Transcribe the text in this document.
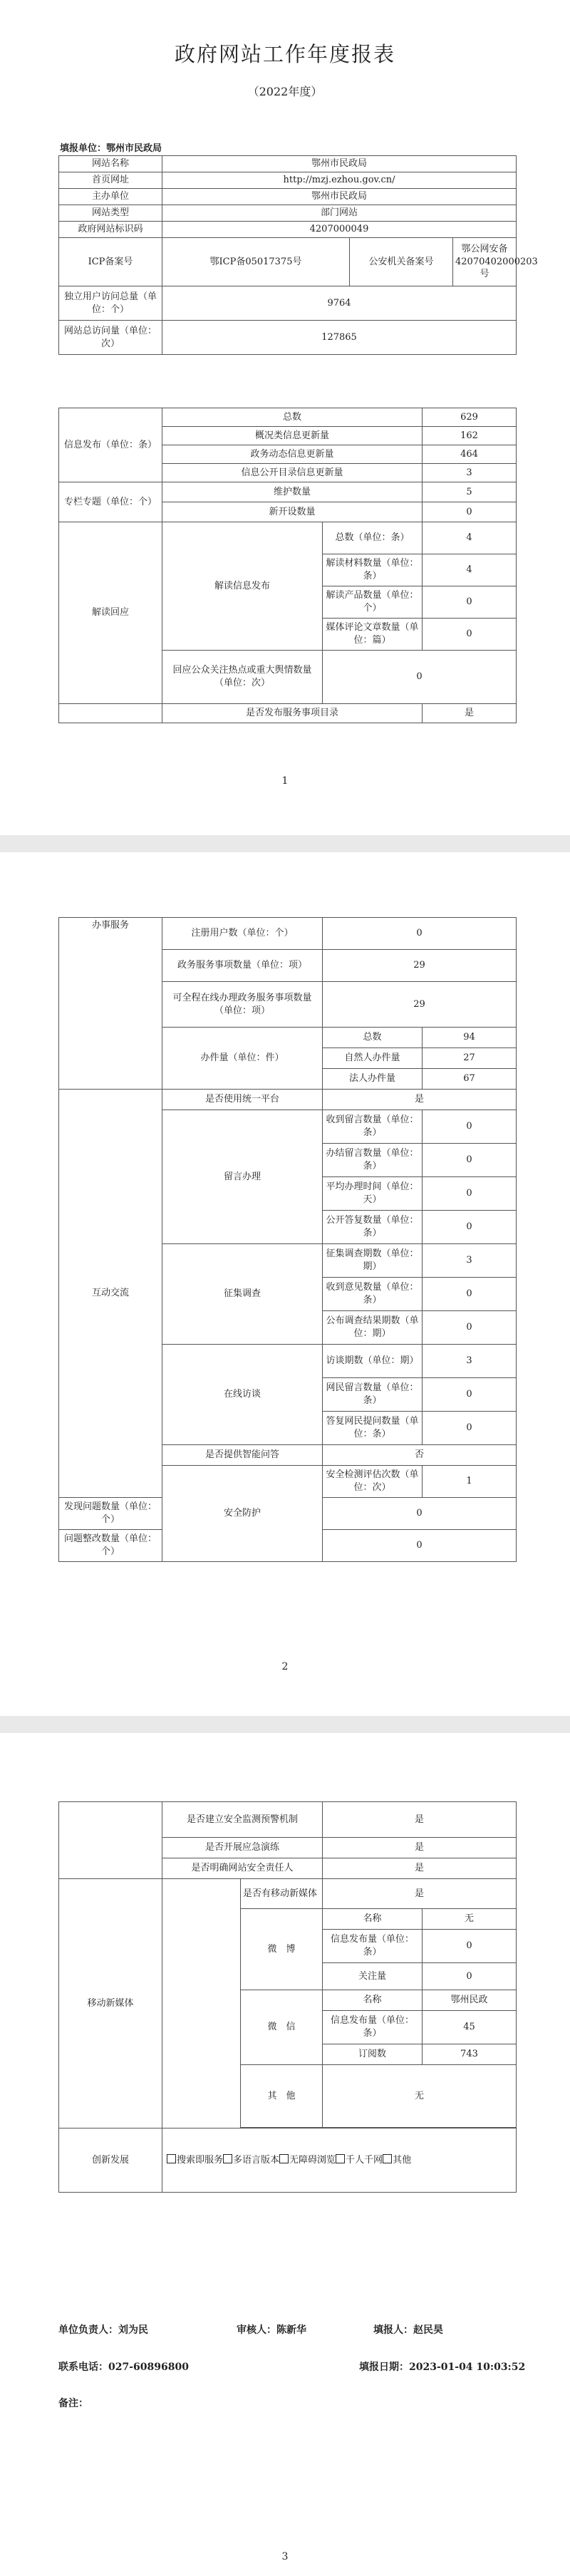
政府网站工作年度报表
（2022年度）
填报单位：鄂州市民政局
网站名称	鄂州市民政局		
首页网址	http://mzj.ezhou.gov.cn/		
主办单位	鄂州市民政局		
网站类型	部门网站		
政府网站标识码	4207000049		
ICP备案号	鄂ICP备05017375号	公安机关备案号	鄂公网安备42070402000203号
独立用户访问总量（单位：个）	9764		
网站总访问量（单位：次）	127865		
信息发布（单位：条）	总数		629
	概况类信息更新量		162
	政务动态信息更新量		464
	信息公开目录信息更新量		3
专栏专题（单位：个）	维护数量		5
	新开设数量		0
解读回应	解读信息发布	总数（单位：条）	4
		解读材料数量（单位：条）	4
		解读产品数量（单位：个）	0
		媒体评论文章数量（单位：篇）	0
	回应公众关注热点或重大舆情数量（单位：次）	0	
	是否发布服务事项目录		是
1
办事服务	注册用户数（单位：个）	0	
	政务服务事项数量（单位：项）	29	
	可全程在线办理政务服务事项数量（单位：项）	29	
	办件量（单位：件）	总数	94
		自然人办件量	27
		法人办件量	67
互动交流	是否使用统一平台	是	
	留言办理	收到留言数量（单位：条）	0
		办结留言数量（单位：条）	0
		平均办理时间（单位：天）	0
		公开答复数量（单位：条）	0
	征集调查	征集调查期数（单位：期）	3
		收到意见数量（单位：条）	0
		公布调查结果期数（单位：期）	0
	在线访谈	访谈期数（单位：期）	3
		网民留言数量（单位：条）	0
		答复网民提问数量（单位：条）	0
	是否提供智能问答	否	
	安全防护	安全检测评估次数（单位：次）	1
发现问题数量（单位：个）		0	
问题整改数量（单位：个）		0	
2
	是否建立安全监测预警机制		是	
	是否开展应急演练		是	
	是否明确网站安全责任人		是	
移动新媒体		是否有移动新媒体	是	
		微　博	名称	无
			信息发布量（单位：条）	0
			关注量	0
		微　信	名称	鄂州民政
			信息发布量（单位：条）	45
			订阅数	743
		其　他	无	

创新发展	搜索即服务 多语言版本 无障碍浏览 千人千网 其他			
单位负责人：刘为民	审核人：陈新华	填报人：赵民昊
联系电话：027-60896800	填报日期：2023-01-04 10:03:52
备注：
3
